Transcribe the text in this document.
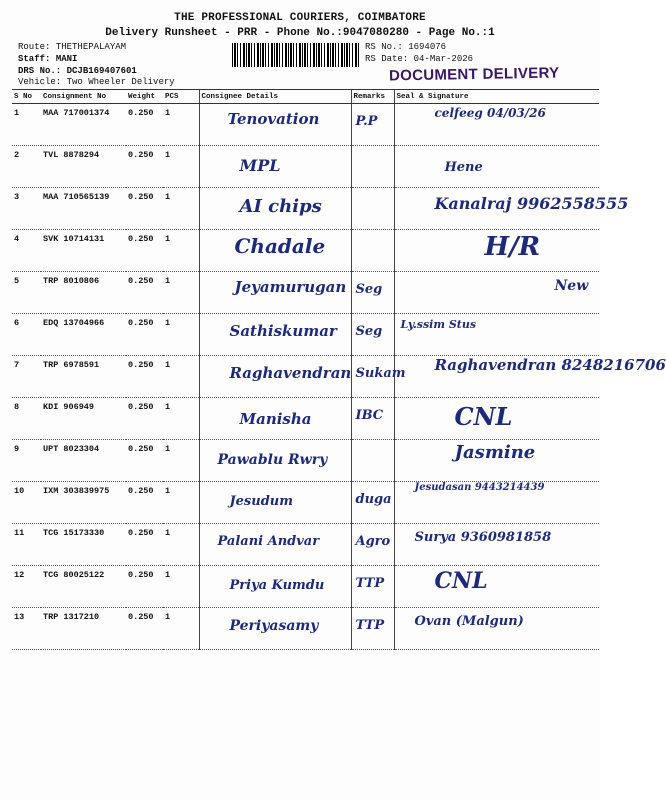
THE PROFESSIONAL COURIERS, COIMBATORE
Delivery Runsheet - PRR - Phone No.:9047080280 - Page No.:1
Route: THETHEPALAYAM
Staff: MANI
DRS No.: DCJB169407601
Vehicle: Two Wheeler Delivery
RS No.: 1694076
RS Date: 04-Mar-2026
DOCUMENT DELIVERY
S No	Consignment No	Weight	PCS	Consignee Details	Remarks	Seal & Signature
1	MAA 717001374	0.250	1	Tenovation	P.P	celfeeg 04/03/26

2	TVL 8878294	0.250	1	MPL		Hene

3	MAA 710565139	0.250	1	AI chips		Kanalraj 9962558555

4	SVK 10714131	0.250	1	Chadale		H/R

5	TRP 8010806	0.250	1	Jeyamurugan	Seg	New

6	EDQ 13704966	0.250	1	Sathiskumar	Seg	Ly.ssim Stus

7	TRP 6978591	0.250	1	Raghavendran	Sukam	Raghavendran 8248216706

8	KDI 906949	0.250	1	Manisha	IBC	CNL

9	UPT 8023304	0.250	1	Pawablu Rwry		Jasmine

10	IXM 303839975	0.250	1	Jesudum	duga	Jesudasan 9443214439

11	TCG 15173330	0.250	1	Palani Andvar	Agro	Surya 9360981858

12	TCG 80025122	0.250	1	Priya Kumdu	TTP	CNL

13	TRP 1317210	0.250	1	Periyasamy	TTP	Ovan (Malgun)
